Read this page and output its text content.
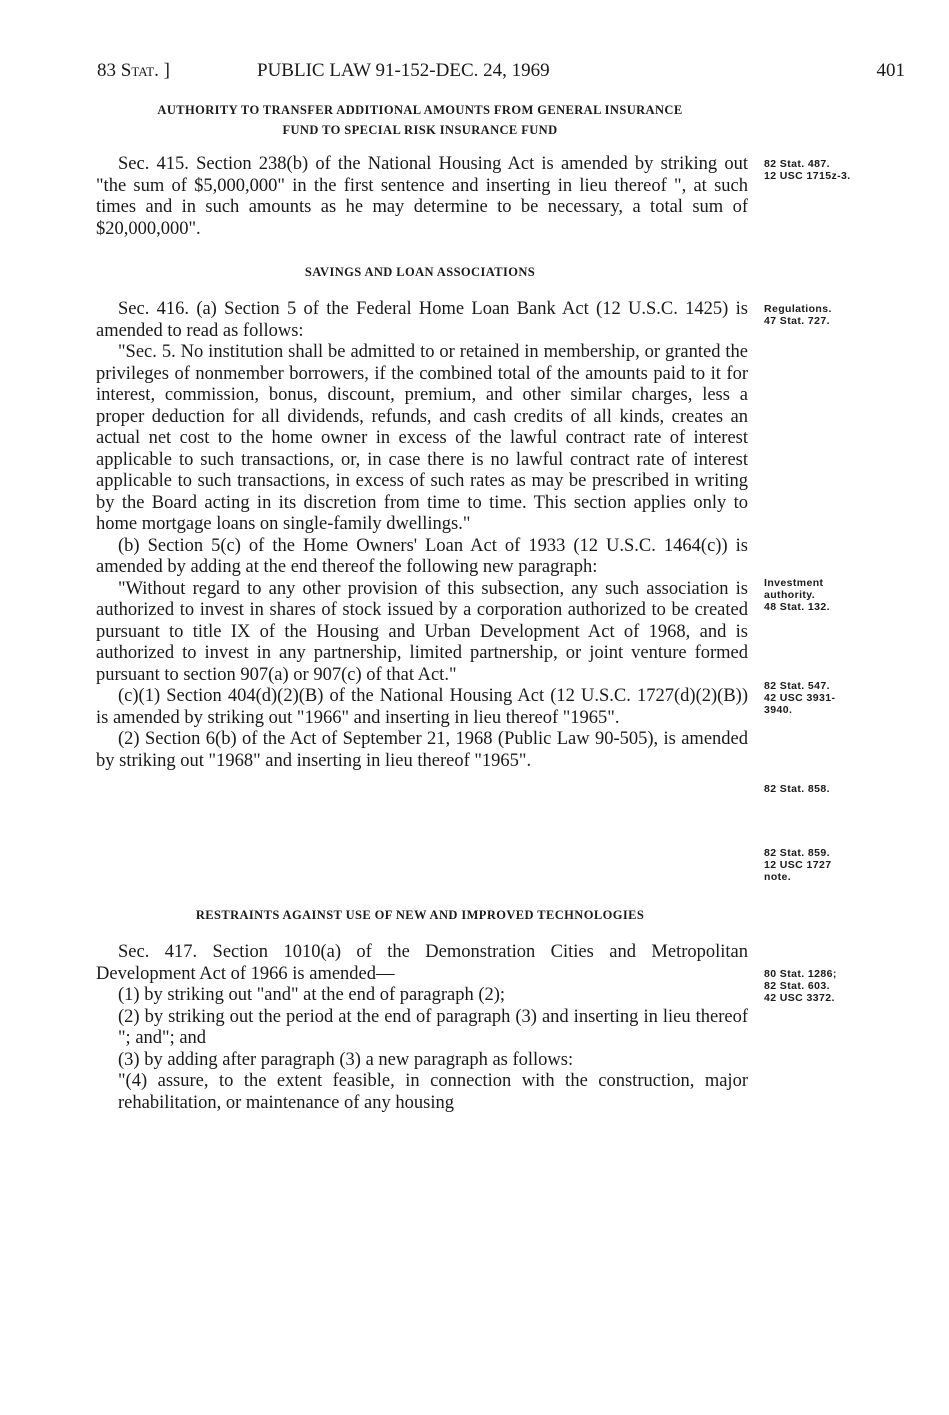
83 Stat. ]	PUBLIC LAW 91-152-DEC. 24, 1969	401
AUTHORITY TO TRANSFER ADDITIONAL AMOUNTS FROM GENERAL INSURANCE
FUND TO SPECIAL RISK INSURANCE FUND

Sec. 415. Section 238(b) of the National Housing Act is amended by striking out "the sum of $5,000,000" in the first sentence and inserting in lieu thereof ", at such times and in such amounts as he may determine to be necessary, a total sum of $20,000,000".

SAVINGS AND LOAN ASSOCIATIONS

Sec. 416. (a) Section 5 of the Federal Home Loan Bank Act (12 U.S.C. 1425) is amended to read as follows:

"Sec. 5. No institution shall be admitted to or retained in membership, or granted the privileges of nonmember borrowers, if the combined total of the amounts paid to it for interest, commission, bonus, discount, premium, and other similar charges, less a proper deduction for all dividends, refunds, and cash credits of all kinds, creates an actual net cost to the home owner in excess of the lawful contract rate of interest applicable to such transactions, or, in case there is no lawful contract rate of interest applicable to such transactions, in excess of such rates as may be prescribed in writing by the Board acting in its discretion from time to time. This section applies only to home mortgage loans on single-family dwellings."

(b) Section 5(c) of the Home Owners' Loan Act of 1933 (12 U.S.C. 1464(c)) is amended by adding at the end thereof the following new paragraph:

"Without regard to any other provision of this subsection, any such association is authorized to invest in shares of stock issued by a corporation authorized to be created pursuant to title IX of the Housing and Urban Development Act of 1968, and is authorized to invest in any partnership, limited partnership, or joint venture formed pursuant to section 907(a) or 907(c) of that Act."

(c)(1) Section 404(d)(2)(B) of the National Housing Act (12 U.S.C. 1727(d)(2)(B)) is amended by striking out "1966" and inserting in lieu thereof "1965".

(2) Section 6(b) of the Act of September 21, 1968 (Public Law 90-505), is amended by striking out "1968" and inserting in lieu thereof "1965".

RESTRAINTS AGAINST USE OF NEW AND IMPROVED TECHNOLOGIES

Sec. 417. Section 1010(a) of the Demonstration Cities and Metropolitan Development Act of 1966 is amended—

(1) by striking out "and" at the end of paragraph (2);

(2) by striking out the period at the end of paragraph (3) and inserting in lieu thereof "; and"; and

(3) by adding after paragraph (3) a new paragraph as follows:

"(4) assure, to the extent feasible, in connection with the construction, major rehabilitation, or maintenance of any housing

82 Stat. 487.
12 USC 1715z-3.
Regulations.
47 Stat. 727.
Investment
authority.
48 Stat. 132.
82 Stat. 547.
42 USC 3931-
3940.
82 Stat. 858.
82 Stat. 859.
12 USC 1727
note.
80 Stat. 1286;
82 Stat. 603.
42 USC 3372.
